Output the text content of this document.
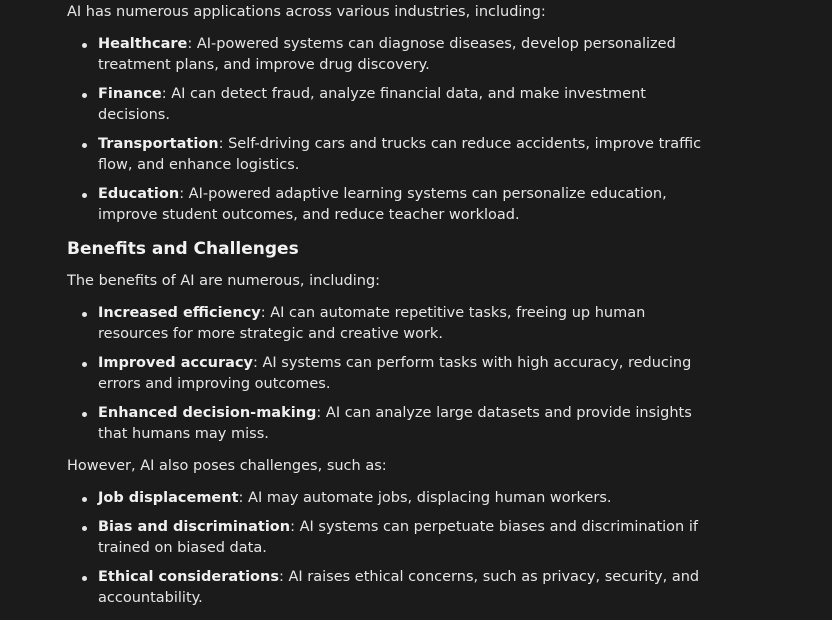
AI has numerous applications across various industries, including:

Healthcare: AI-powered systems can diagnose diseases, develop personalized treatment plans, and improve drug discovery.
Finance: AI can detect fraud, analyze financial data, and make investment decisions.
Transportation: Self-driving cars and trucks can reduce accidents, improve traffic flow, and enhance logistics.
Education: AI-powered adaptive learning systems can personalize education, improve student outcomes, and reduce teacher workload.
Benefits and Challenges

The benefits of AI are numerous, including:

Increased efficiency: AI can automate repetitive tasks, freeing up human resources for more strategic and creative work.
Improved accuracy: AI systems can perform tasks with high accuracy, reducing errors and improving outcomes.
Enhanced decision-making: AI can analyze large datasets and provide insights that humans may miss.

However, AI also poses challenges, such as:

Job displacement: AI may automate jobs, displacing human workers.
Bias and discrimination: AI systems can perpetuate biases and discrimination if trained on biased data.
Ethical considerations: AI raises ethical concerns, such as privacy, security, and accountability.
